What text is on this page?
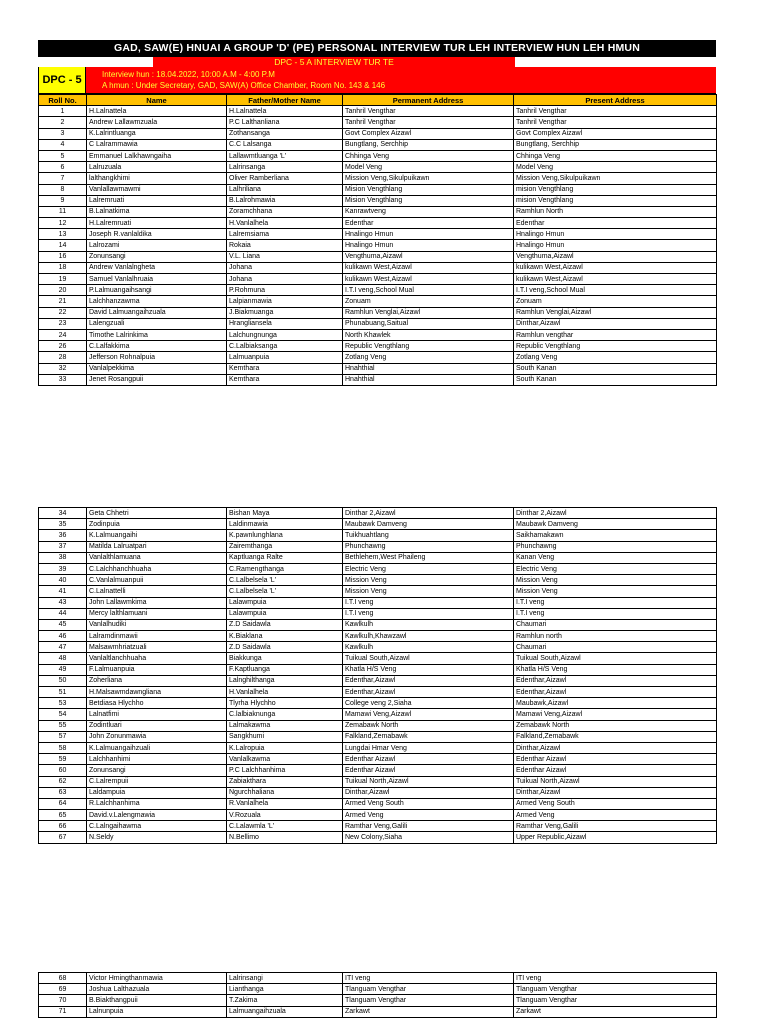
GAD, SAW(E) HNUAI A GROUP 'D' (PE) PERSONAL INTERVIEW TUR LEH INTERVIEW HUN LEH HMUN
DPC - 5 A INTERVIEW TUR TE
DPC - 5	Interview hun : 18.04.2022, 10:00 A.M - 4:00 P.M
A hmun : Under Secretary, GAD, SAW(A) Office Chamber, Room No. 143 & 146
Roll No.	Name	Father/Mother Name	Permanent Address	Present Address
1	H.Lalnattela	H.Lalnattela	Tanhril Vengthar	Tanhril Vengthar
2	Andrew Lallawmzuala	P.C Lalthanliana	Tanhril Vengthar	Tanhril Vengthar
3	K.Lalrintluanga	Zothansanga	Govt Complex Aizawl	Govt Complex Aizawl
4	C Lalrammawia	C.C Lalsanga	Bungtlang, Serchhip	Bungtlang, Serchhip
5	Emmanuel Lalkhawngaiha	Lallawmtluanga 'L'	Chhinga Veng	Chhinga Veng
6	Lalruzuala	Lalrinsanga	Model Veng	Model Veng
7	lalthangkhimi	Oliver Ramberliana	Mission Veng,Sikulpuikawn	Mission Veng,Sikulpuikawn
8	Vanlallawmawmi	Lalhriliana	Mision Vengthlang	mision Vengthlang
9	Lalremruati	B.Lalrohmawia	Mision Vengthlang	mision Vengthlang
11	B.Lalnatkima	Zoramchhana	Kanrawtveng	Ramhlun North
12	H.Lalremruati	H.Vanlalhela	Edenthar	Edenthar
13	Joseph R.vanlaldika	Lalremsiama	Hnalingo Hmun	Hnalingo Hmun
14	Lalrozami	Rokaia	Hnalingo Hmun	Hnalingo Hmun
16	Zonunsangi	V.L. Liana	Vengthuma,Aizawl	Vengthuma,Aizawl
18	Andrew Vanlalngheta	Johana	kulikawn West,Aizawl	kulikawn West,Aizawl
19	Samuel Vanlalhruaia	Johana	kulikawn West,Aizawl	kulikawn West,Aizawl
20	P.Lalmuangaihsangi	P.Rohmuna	I.T.I veng,School Mual	I.T.I veng,School Mual
21	Lalchhanzawma	Lalpianmawia	Zonuam	Zonuam
22	David Lalmuangaihzuala	J.Biakmuanga	Ramhlun Venglai,Aizawl	Ramhlun Venglai,Aizawl
23	Lalengzuali	Hrangliansela	Phunabuang,Saitual	Dinthar,Aizawl
24	Timothe Lalrinkima	Lalchungnunga	North Khawlek	Ramhlun vengthar
26	C.Lalfakkima	C.Lalbiaksanga	Republic Vengthlang	Republic Vengthlang
28	Jefferson Rohnalpuia	Lalmuanpuia	Zotlang Veng	Zotlang Veng
32	Vanlalpekkima	Kemthara	Hnahthial	South Kanan
33	Jenet Rosangpuii	Kemthara	Hnahthial	South Kanan
34	Geta Chhetri	Bishan Maya	Dinthar 2,Aizawl	Dinthar 2,Aizawl
35	Zodinpuia	Laldinmawia	Maubawk Damveng	Maubawk Damveng
36	K.Lalmuangaihi	K.pawnlunghlana	Tuikhuahtlang	Saikhamakawn
37	Matilda Lalruatpari	Zairemthanga	Phunchawng	Phunchawng
38	Vanlalthlamuana	Kaptluanga Ralte	Bethlehem,West Phaileng	Kanan Veng
39	C.Lalchhanchhuaha	C.Ramengthanga	Electric Veng	Electric Veng
40	C.Vanlalmuanpuii	C.Lalbelsela 'L'	Mission Veng	Mission Veng
41	C.Lalnattelli	C.Lalbelsela 'L'	Mission Veng	Mission Veng
43	John Lallawmkima	Lalawmpuia	I.T.I veng	I.T.I veng
44	Mercy lalthlamuani	Lalawmpuia	I.T.I veng	I.T.I veng
45	Vanlalhudiki	Z.D Saidawla	Kawlkulh	Chaumari
46	Lalramdinmawii	K.Biaklana	Kawlkulh,Khawzawl	Ramhlun north
47	Malsawmhriatzuali	Z.D Saidawla	Kawlkulh	Chaumari
48	Vanlaltlanchhuaha	Biakkunga	Tuikual South,Aizawl	Tuikual South,Aizawl
49	F.Lalmuanpuia	F.Kaptluanga	Khatla H/S Veng	Khatla H/S Veng
50	Zoherliana	Lalnghilthanga	Edenthar,Aizawl	Edenthar,Aizawl
51	H.Malsawmdawngliana	H.Vanlalhela	Edenthar,Aizawl	Edenthar,Aizawl
53	Betdiasa Hlychho	Tlyrha Hlychho	College veng 2,Siaha	Maubawk,Aizawl
54	Lalnatfimi	C.lalbiaknunga	Mamawi Veng,Aizawl	Mamawi Veng,Aizawl
55	Zodintluari	Lalmakawma	Zemabawk North	Zemabawk North
57	John Zonunmawia	Sangkhumi	Falkland,Zemabawk	Falkland,Zemabawk
58	K.Lalmuangaihzuali	K.Lalropuia	Lungdai Hmar Veng	Dinthar,Aizawl
59	Lalchhanhimi	Vanlalkawma	Edenthar Aizawl	Edenthar Aizawl
60	Zonunsangi	P.C Lalchhanhima	Edenthar Aizawl	Edenthar Aizawl
62	C.Lalrempuii	Zabiakthara	Tuikual North,Aizawl	Tuikual North,Aizawl
63	Laldampuia	Ngurchhaliana	Dinthar,Aizawl	Dinthar,Aizawl
64	R.Lalchhanhima	R.Vanlalhela	Armed Veng South	Armed Veng South
65	David.v.Lalengmawia	V.Rozuala	Armed Veng	Armed Veng
66	C.Lalngaihawma	C.Lalawmla 'L'	Ramthar Veng,Galili	Ramthar Veng,Galili
67	N.Seldy	N.Bellimo	New Colony,Siaha	Upper Republic,Aizawl
68	Victor Hmingthanmawia	Lalrinsangi	ITI veng	ITI veng
69	Joshua Lalthazuala	Lianthanga	Tlanguam Vengthar	Tlanguam Vengthar
70	B.Biakthangpuii	T.Zakima	Tlanguam Vengthar	Tlanguam Vengthar
71	Lalnunpuia	Lalmuangaihzuala	Zarkawt	Zarkawt
